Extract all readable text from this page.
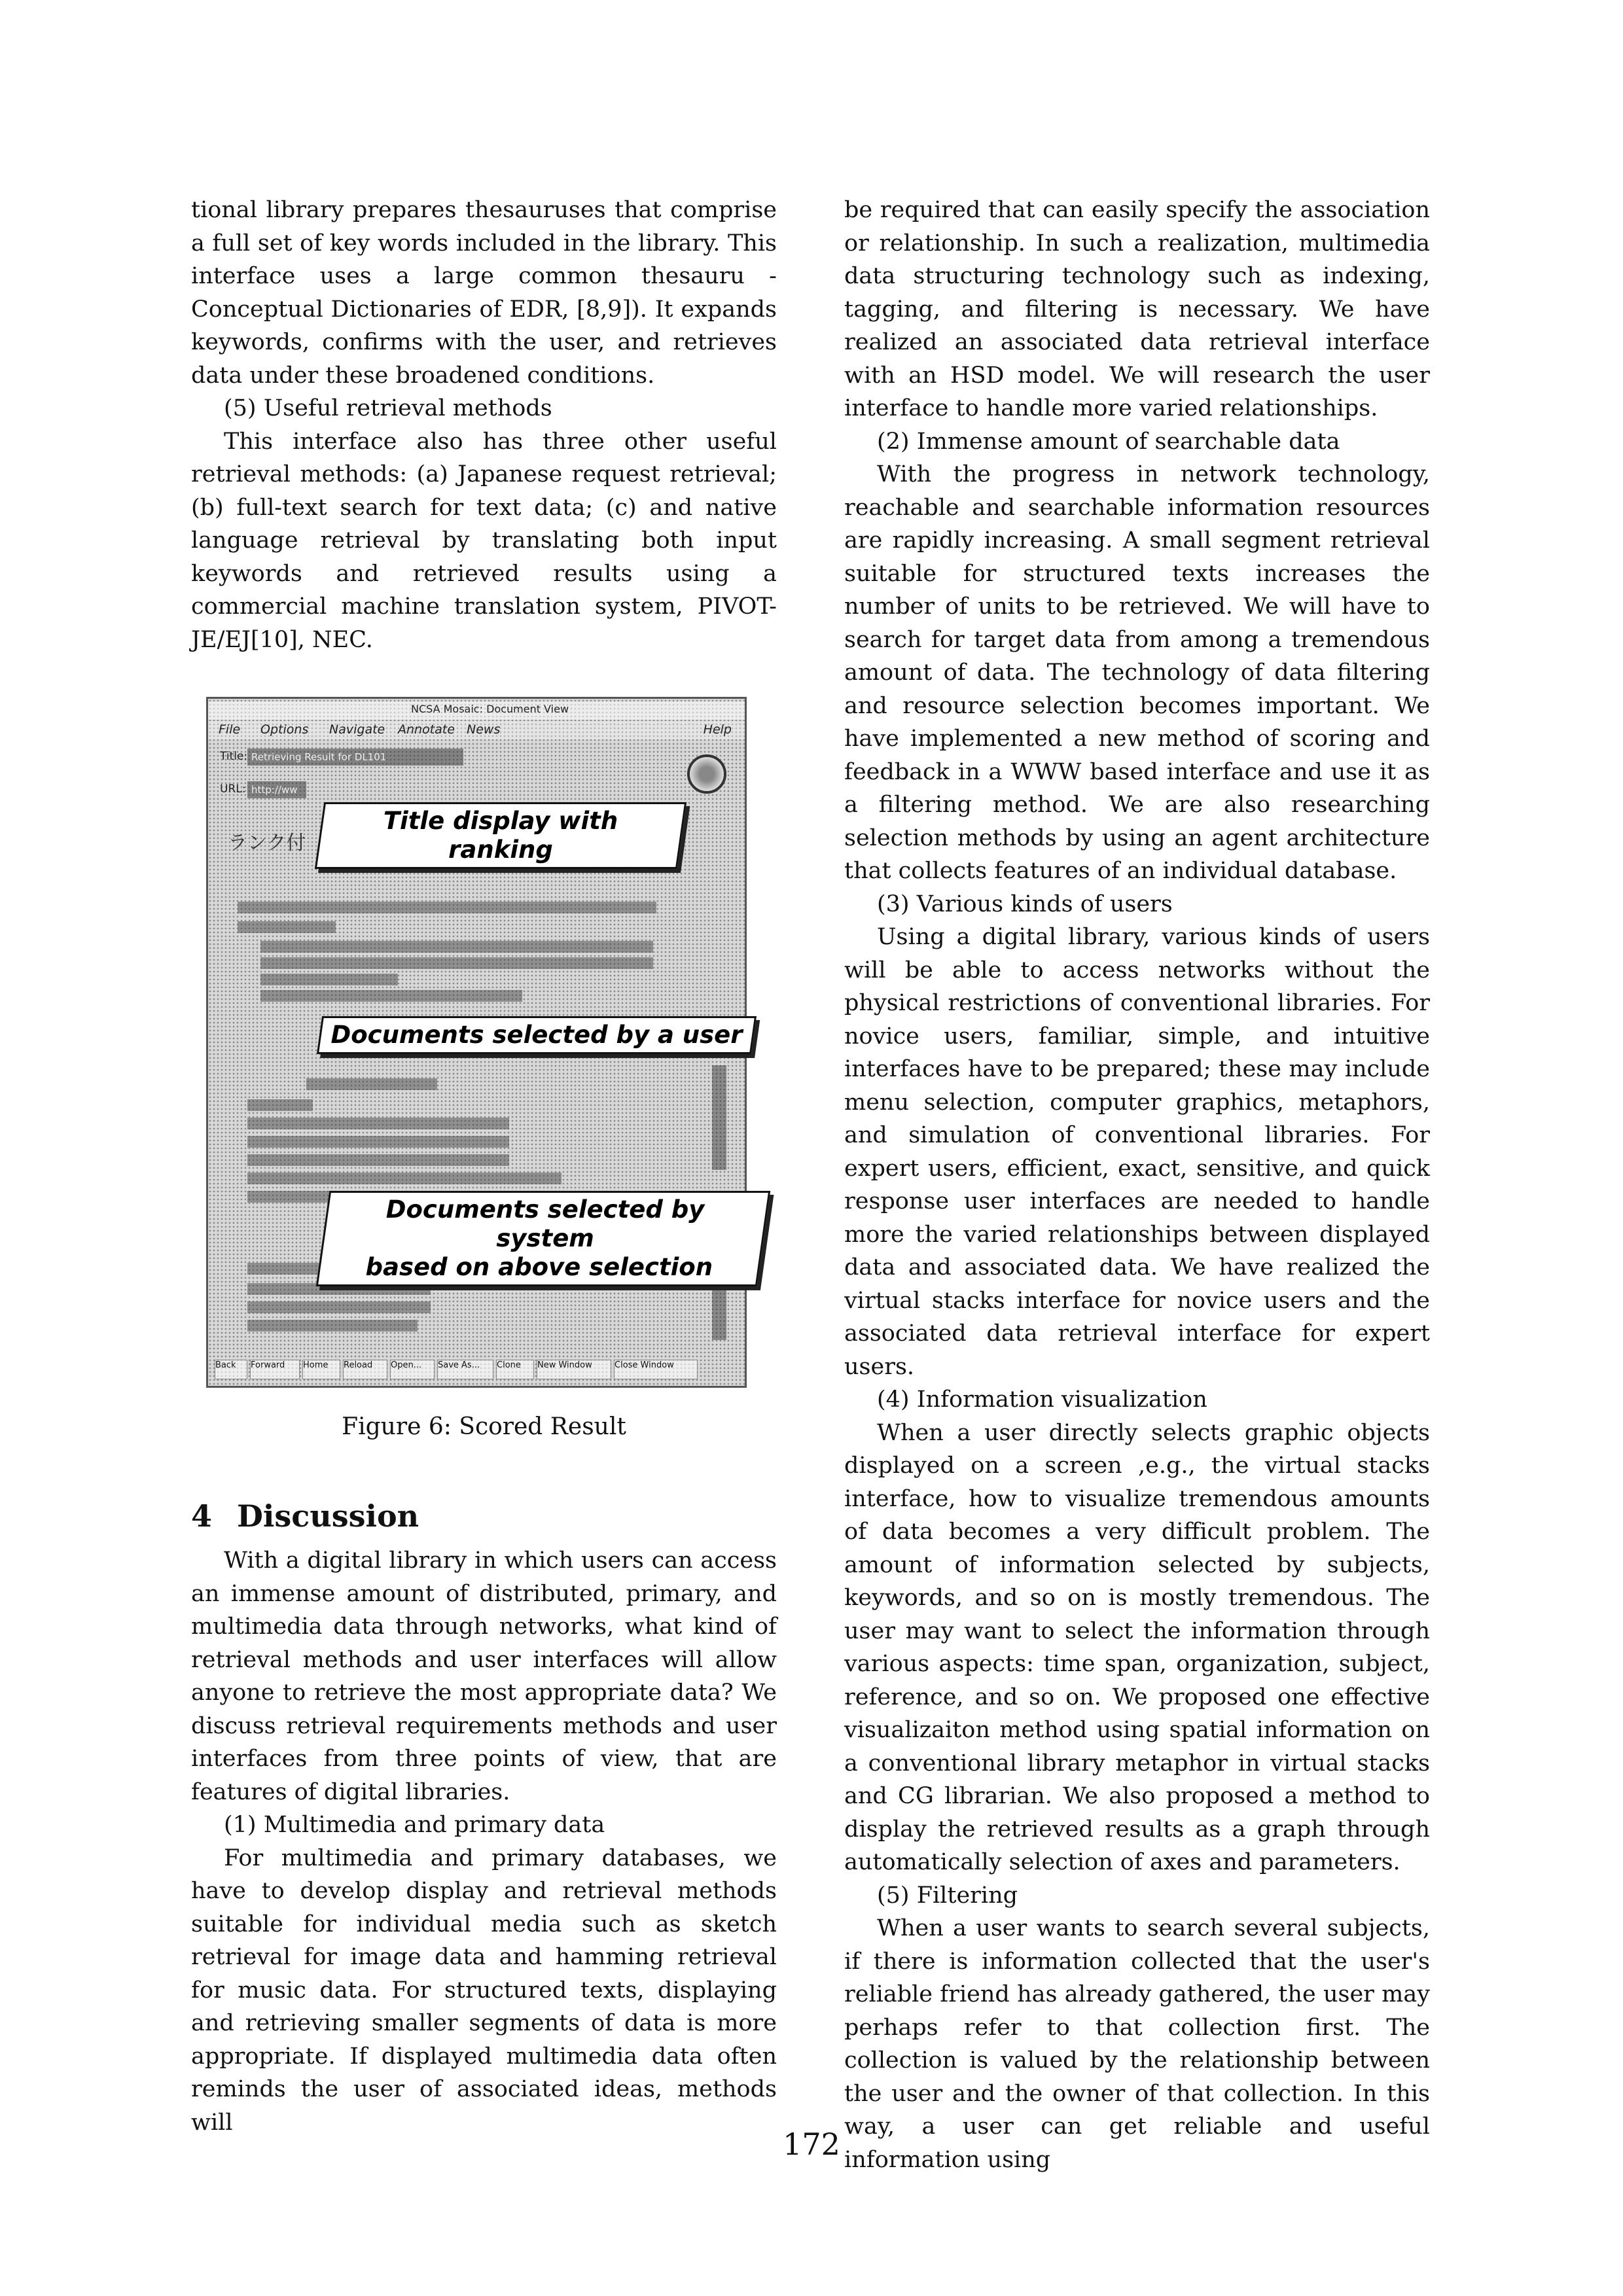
tional library prepares thesauruses that comprise a full set of key words included in the library. This interface uses a large common thesauru - Conceptual Dictionaries of EDR, [8,9]). It expands keywords, confirms with the user, and retrieves data under these broadened conditions.

(5) Useful retrieval methods

This interface also has three other useful retrieval methods: (a) Japanese request retrieval; (b) full-text search for text data; (c) and native language retrieval by translating both input keywords and retrieved results using a commercial machine translation system, PIVOT-JE/EJ[10], NEC.

NCSA Mosaic: Document View
File Options Navigate Annotate News	Help
Title: Retrieving Result for DL101
URL: http://ww
ランク付
Back	Forward	Home	Reload	Open...	Save As...	Clone	New Window	Close Window
Title display with ranking
Documents selected by a user
Documents selected by system
based on above selection
Figure 6: Scored Result
4 Discussion

With a digital library in which users can access an immense amount of distributed, primary, and multimedia data through networks, what kind of retrieval methods and user interfaces will allow anyone to retrieve the most appropriate data? We discuss retrieval requirements methods and user interfaces from three points of view, that are features of digital libraries.

(1) Multimedia and primary data

For multimedia and primary databases, we have to develop display and retrieval methods suitable for individual media such as sketch retrieval for image data and hamming retrieval for music data. For structured texts, displaying and retrieving smaller segments of data is more appropriate. If displayed multimedia data often reminds the user of associated ideas, methods will

be required that can easily specify the association or relationship. In such a realization, multimedia data structuring technology such as indexing, tagging, and filtering is necessary. We have realized an associated data retrieval interface with an HSD model. We will research the user interface to handle more varied relationships.

(2) Immense amount of searchable data

With the progress in network technology, reachable and searchable information resources are rapidly increasing. A small segment retrieval suitable for structured texts increases the number of units to be retrieved. We will have to search for target data from among a tremendous amount of data. The technology of data filtering and resource selection becomes important. We have implemented a new method of scoring and feedback in a WWW based interface and use it as a filtering method. We are also researching selection methods by using an agent architecture that collects features of an individual database.

(3) Various kinds of users

Using a digital library, various kinds of users will be able to access networks without the physical restrictions of conventional libraries. For novice users, familiar, simple, and intuitive interfaces have to be prepared; these may include menu selection, computer graphics, metaphors, and simulation of conventional libraries. For expert users, efficient, exact, sensitive, and quick response user interfaces are needed to handle more the varied relationships between displayed data and associated data. We have realized the virtual stacks interface for novice users and the associated data retrieval interface for expert users.

(4) Information visualization

When a user directly selects graphic objects displayed on a screen ,e.g., the virtual stacks interface, how to visualize tremendous amounts of data becomes a very difficult problem. The amount of information selected by subjects, keywords, and so on is mostly tremendous. The user may want to select the information through various aspects: time span, organization, subject, reference, and so on. We proposed one effective visualizaiton method using spatial information on a conventional library metaphor in virtual stacks and CG librarian. We also proposed a method to display the retrieved results as a graph through automatically selection of axes and parameters.

(5) Filtering

When a user wants to search several subjects, if there is information collected that the user's reliable friend has already gathered, the user may perhaps refer to that collection first. The collection is valued by the relationship between the user and the owner of that collection. In this way, a user can get reliable and useful information using

172
